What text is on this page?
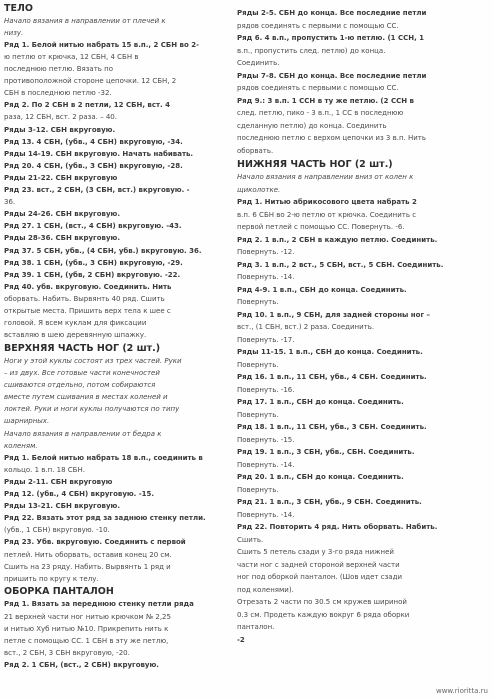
ТЕЛО
Начало вязания в направлении от плечей к
низу.
Ряд 1. Белой нитью набрать 15 в.п., 2 СБН во 2-
ю петлю от крючка, 12 СБН, 4 СБН в
последнюю петлю. Вязать по
противоположной стороне цепочки. 12 СБН, 2
СБН в последнюю петлю -32.
Ряд 2. По 2 СБН в 2 петли, 12 СБН, вст. 4
раза, 12 СБН, вст. 2 раза. – 40.
Ряды 3-12. СБН вкруговую.
Ряд 13. 4 СБН, (убв., 4 СБН) вкруговую, -34.
Ряды 14-19. СБН вкруговую. Начать набивать.
Ряд 20. 4 СБН, (убв., 3 СБН) вкруговую, -28.
Ряды 21-22. СБН вкруговую
Ряд 23. вст., 2 СБН, (3 СБН, вст.) вкруговую. -
36.
Ряды 24-26. СБН вкруговую.
Ряд 27. 1 СБН, (вст., 4 СБН) вкруговую. -43.
Ряды 28-36. СБН вкруговую.
Ряд 37. 5 СБН, убв., (4 СБН, убв.) вкруговую. 36.
Ряд 38. 1 СБН, (убв., 3 СБН) вкруговую, -29.
Ряд 39. 1 СБН, (убв, 2 СБН) вкруговую. -22.
Ряд 40. убв. вкруговую. Соединить. Нить
оборвать. Набить. Вырвянть 40 ряд. Сшить
открытые места. Пришить верх тела к шее с
головой. Я всем куклам для фиксации
вставляю в шею деревянную шпажку.
ВЕРХНЯЯ ЧАСТЬ НОГ (2 шт.)
Ноги у этой куклы состоят из трех частей. Руки
– из двух. Все готовые части конечностей
сшиваются отдельно, потом собираются
вместе путем сшивания в местах коленей и
локтей. Руки и ноги куклы получаются по типу
шарнирных.
Начало вязания в направлении от бедра к
коленям.
Ряд 1. Белой нитью набрать 18 в.п., соединить в
кольцо. 1 в.п. 18 СБН.
Ряды 2-11. СБН вкруговую
Ряд 12. (убв., 4 СБН) вкруговую. -15.
Ряды 13-21. СБН вкруговую.
Ряд 22. Вязать этот ряд за заднюю стенку петли.
(убв., 1 СБН) вкруговую. -10.
Ряд 23. Убв. вкруговую. Соединить с первой
петлей. Нить оборвать, оставив конец 20 см.
Сшить на 23 ряду. Набить. Вырвянть 1 ряд и
пришить по кругу к телу.
ОБОРКА ПАНТАЛОН
Ряд 1. Вязать за переднюю стенку петли ряда
21 верхней части ног нитью крючком № 2,25
и нитью Хуб нитью №10. Прикрепить нить к
петле с помощью СС. 1 СБН в эту же петлю,
вст., 2 СБН, 3 СБН вкруговую, -20.
Ряд 2. 1 СБН, (вст., 2 СБН) вкруговую.
Ряды 2-5. СБН до конца. Все последние петли
рядов соединять с первыми с помощью СС.
Ряд 6. 4 в.п., пропустить 1-ю петлю. (1 ССН, 1
в.п., пропустить след. петлю) до конца.
Соединить.
Ряды 7-8. СБН до конца. Все последние петли
рядов соединять с первыми с помощью СС.
Ряд 9.: 3 в.п. 1 ССН в ту же петлю. (2 ССН в
след. петлю, пико - 3 в.п., 1 СС в последнюю
сделанную петлю) до конца. Соединить
последнюю петлю с верхом цепочки из 3 в.п. Нить
оборвать.
НИЖНЯЯ ЧАСТЬ НОГ (2 шт.)
Начало вязания в направлении вниз от колен к
щиколотке.
Ряд 1. Нитью абрикосового цвета набрать 2
в.п. 6 СБН во 2-ю петлю от крючка. Соединить с
первой петлей с помощью СС. Повернуть. -6.
Ряд 2. 1 в.п., 2 СБН в каждую петлю. Соединить.
Повернуть. -12.
Ряд 3. 1 в.п., 2 вст., 5 СБН, вст., 5 СБН. Соединить.
Повернуть. -14.
Ряд 4-9. 1 в.п., СБН до конца. Соединить.
Повернуть.
Ряд 10. 1 в.п., 9 СБН, для задней стороны ног –
вст., (1 СБН, вст.) 2 раза. Соединить.
Повернуть. -17.
Ряды 11-15. 1 в.п., СБН до конца. Соединить.
Повернуть.
Ряд 16. 1 в.п., 11 СБН, убв., 4 СБН. Соединить.
Повернуть. -16.
Ряд 17. 1 в.п., СБН до конца. Соединить.
Повернуть.
Ряд 18. 1 в.п., 11 СБН, убв., 3 СБН. Соединить.
Повернуть. -15.
Ряд 19. 1 в.п., 3 СБН, убв., СБН. Соединить.
Повернуть. -14.
Ряд 20. 1 в.п., СБН до конца. Соединить.
Повернуть.
Ряд 21. 1 в.п., 3 СБН, убв., 9 СБН. Соединить.
Повернуть. -14.
Ряд 22. Повторить 4 ряд. Нить оборвать. Набить.
Сшить.
Сшить 5 петель сзади у 3-го ряда нижней
части ног с задней стороной верхней части
ног под оборкой панталон. (Шов идет сзади
под коленями).
Отрезать 2 части по 30.5 см кружев шириной
0.3 см. Продеть каждую вокруг 6 ряда оборки
панталон.
-2
www.rioritta.ru
